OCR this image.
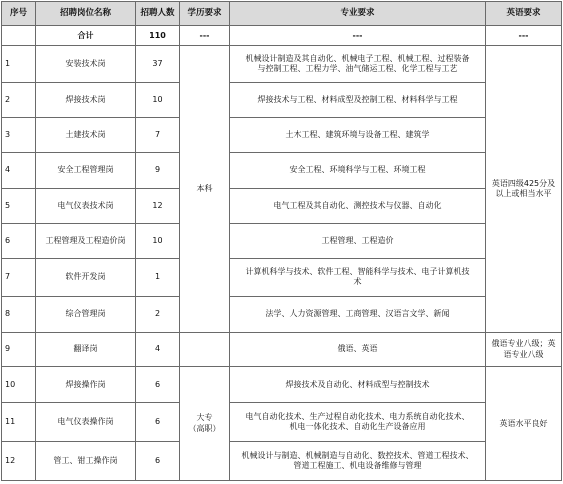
序号	招聘岗位名称	招聘人数	学历要求	专业要求	英语要求
	合计	110	---	---	---
1	安装技术岗	37	本科	机械设计制造及其自动化、机械电子工程、机械工程、过程装备
与控制工程、工程力学、油气储运工程、化学工程与工艺	英语四级425分及
以上或相当水平

2	焊接技术岗	10		焊接技术与工程、材料成型及控制工程、材料科学与工程	

3	土建技术岗	7		土木工程、建筑环境与设备工程、建筑学	

4	安全工程管理岗	9		安全工程、环境科学与工程、环境工程	

5	电气仪表技术岗	12		电气工程及其自动化、测控技术与仪器、自动化	

6	工程管理及工程造价岗	10		工程管理、工程造价	

7	软件开发岗	1		计算机科学与技术、软件工程、智能科学与技术、电子计算机技
术	

8	综合管理岗	2		法学、人力资源管理、工商管理、汉语言文学、新闻	

9	翻译岗	4		俄语、英语	俄语专业八级；英
语专业八级

10	焊接操作岗	6	大专
（高职）	焊接技术及自动化、材料成型与控制技术	英语水平良好
11	电气仪表操作岗	6		电气自动化技术、生产过程自动化技术、电力系统自动化技术、
机电一体化技术、自动化生产设备应用	

12	管工、钳工操作岗	6		机械设计与制造、机械制造与自动化、数控技术、管道工程技术、
管道工程施工、机电设备维修与管理	
